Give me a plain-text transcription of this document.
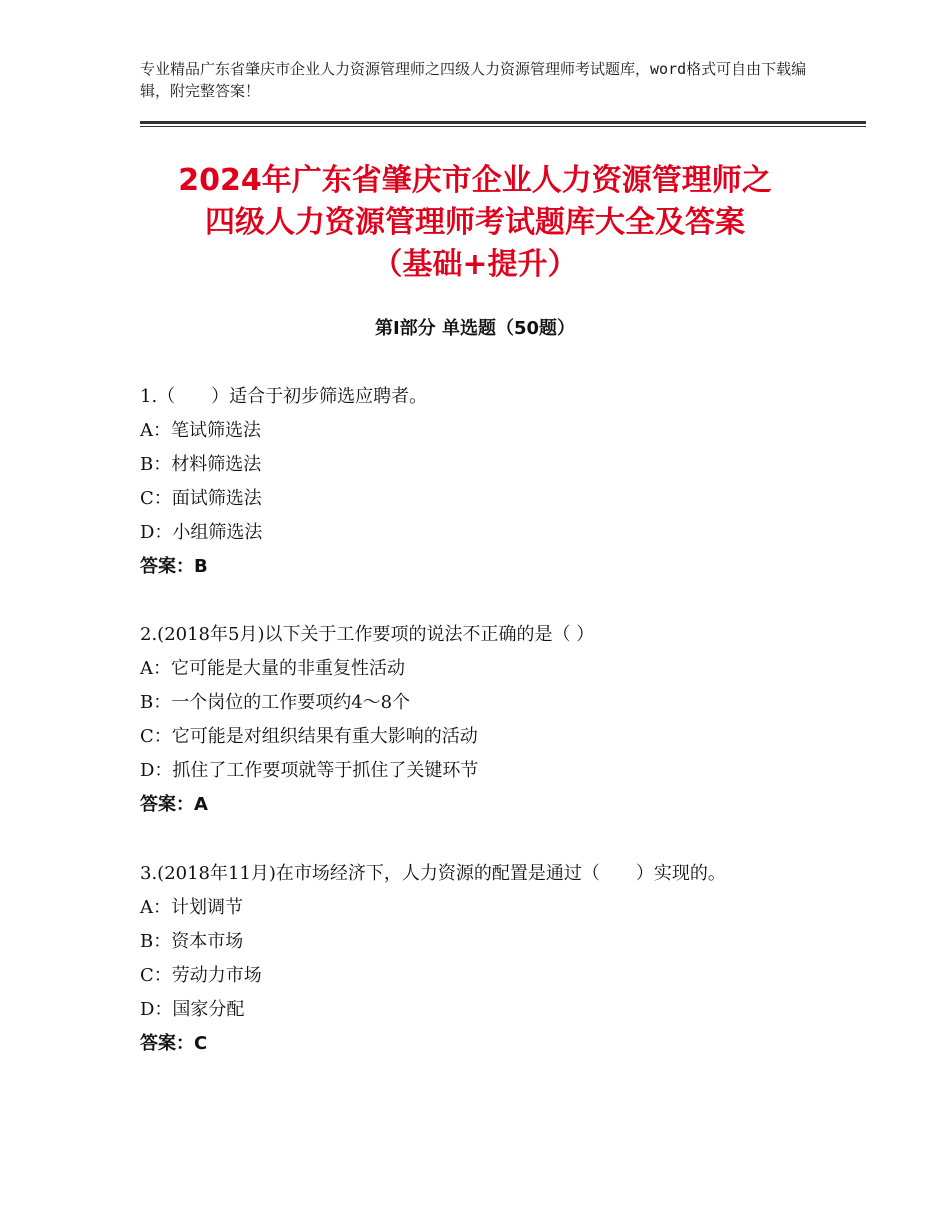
专业精品广东省肇庆市企业人力资源管理师之四级人力资源管理师考试题库，word格式可自由下载编辑，附完整答案！
2024年广东省肇庆市企业人力资源管理师之
四级人力资源管理师考试题库大全及答案
（基础+提升）
第Ⅰ部分 单选题（50题）
1.（　　）适合于初步筛选应聘者。
A：笔试筛选法
B：材料筛选法
C：面试筛选法
D：小组筛选法
答案：B
2.(2018年5月)以下关于工作要项的说法不正确的是（ ）
A：它可能是大量的非重复性活动
B：一个岗位的工作要项约4～8个
C：它可能是对组织结果有重大影响的活动
D：抓住了工作要项就等于抓住了关键环节
答案：A
3.(2018年11月)在市场经济下，人力资源的配置是通过（　　）实现的。
A：计划调节
B：资本市场
C：劳动力市场
D：国家分配
答案：C
